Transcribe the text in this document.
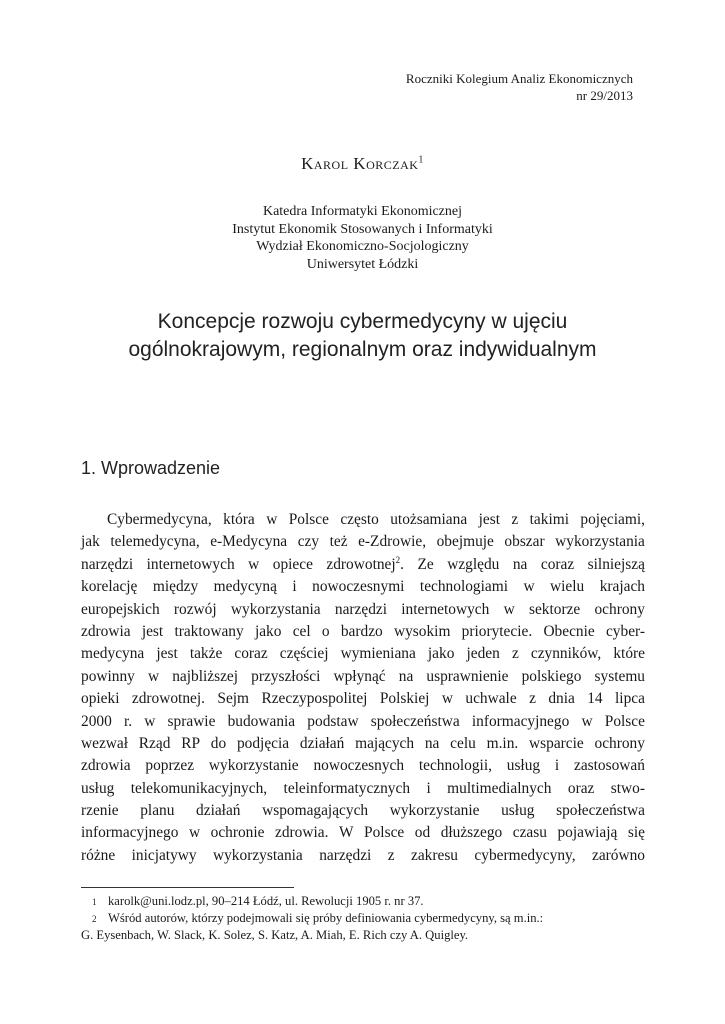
Roczniki Kolegium Analiz Ekonomicznych
nr 29/2013
Karol Korczak$^1$
Katedra Informatyki Ekonomicznej
Instytut Ekonomik Stosowanych i Informatyki
Wydział Ekonomiczno-Socjologiczny
Uniwersytet Łódzki
Koncepcje rozwoju cybermedycyny w ujęciu
ogólnokrajowym, regionalnym oraz indywidualnym
1. Wprowadzenie
Cybermedycyna, która w Polsce często utożsamiana jest z takimi pojęciami,
jak telemedycyna, e-Medycyna czy też e-Zdrowie, obejmuje obszar wykorzystania
narzędzi internetowych w opiece zdrowotnej$^2$. Ze względu na coraz silniejszą
korelację między medycyną i nowoczesnymi technologiami w wielu krajach
europejskich rozwój wykorzystania narzędzi internetowych w sektorze ochrony
zdrowia jest traktowany jako cel o bardzo wysokim priorytecie. Obecnie cyber-
medycyna jest także coraz częściej wymieniana jako jeden z czynników, które
powinny w najbliższej przyszłości wpłynąć na usprawnienie polskiego systemu
opieki zdrowotnej. Sejm Rzeczypospolitej Polskiej w uchwale z dnia 14 lipca
2000 r. w sprawie budowania podstaw społeczeństwa informacyjnego w Polsce
wezwał Rząd RP do podjęcia działań mających na celu m.in. wsparcie ochrony
zdrowia poprzez wykorzystanie nowoczesnych technologii, usług i zastosowań
usług telekomunikacyjnych, teleinformatycznych i multimedialnych oraz stwo-
rzenie planu działań wspomagających wykorzystanie usług społeczeństwa
informacyjnego w ochronie zdrowia. W Polsce od dłuższego czasu pojawiają się
różne inicjatywy wykorzystania narzędzi z zakresu cybermedycyny, zarówno
1 karolk@uni.lodz.pl, 90–214 Łódź, ul. Rewolucji 1905 r. nr 37.
2 Wśród autorów, którzy podejmowali się próby definiowania cybermedycyny, są m.in.:
G. Eysenbach, W. Slack, K. Solez, S. Katz, A. Miah, E. Rich czy A. Quigley.
